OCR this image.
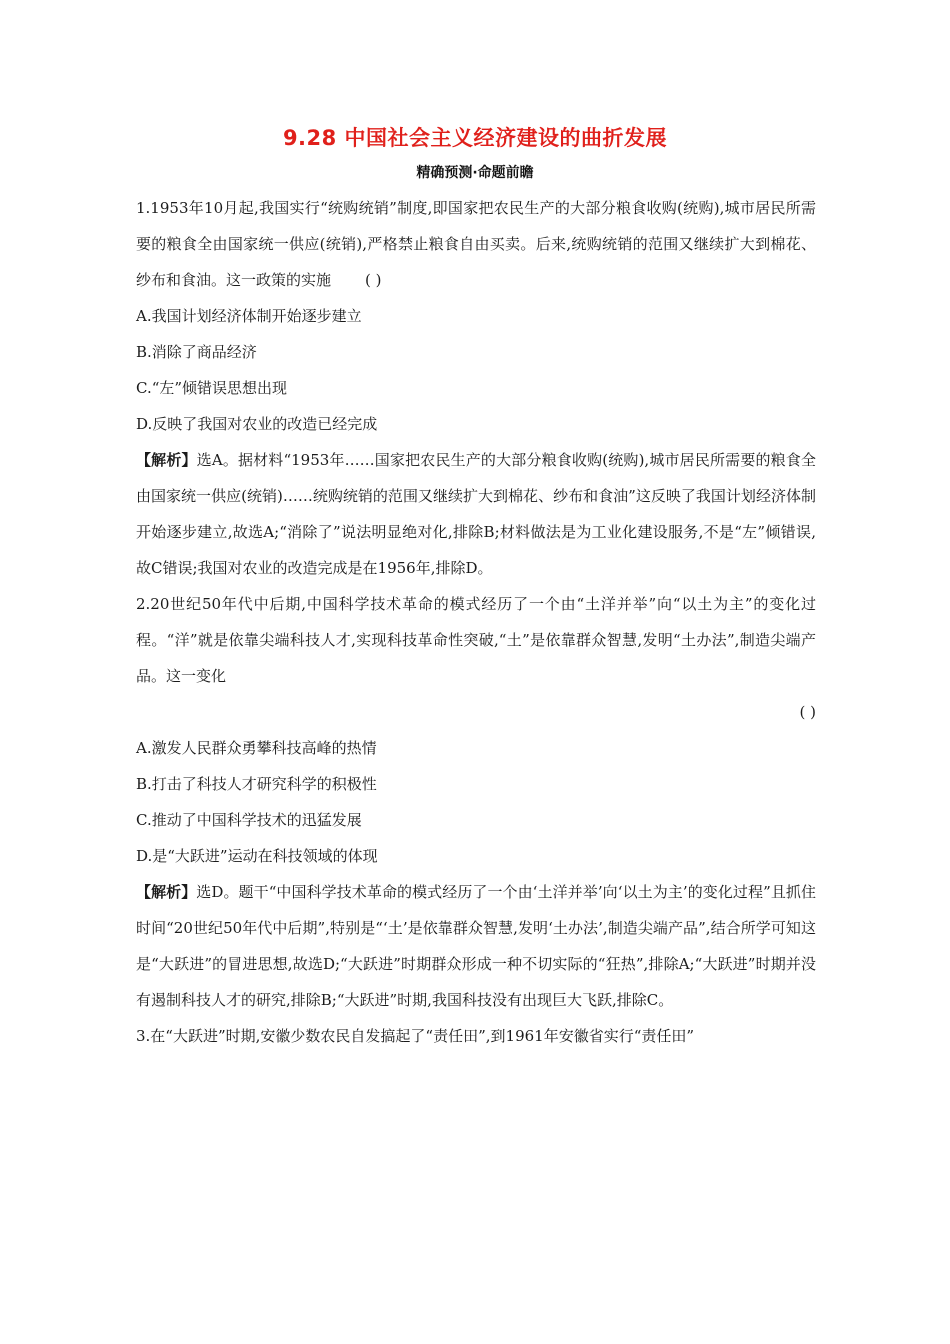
9.28 中国社会主义经济建设的曲折发展
精确预测·命题前瞻

1.1953年10月起,我国实行“统购统销”制度,即国家把农民生产的大部分粮食收购(统购),城市居民所需要的粮食全由国家统一供应(统销),严格禁止粮食自由买卖。后来,统购统销的范围又继续扩大到棉花、纱布和食油。这一政策的实施 ( )

A.我国计划经济体制开始逐步建立

B.消除了商品经济

C.“左”倾错误思想出现

D.反映了我国对农业的改造已经完成

【解析】选A。据材料“1953年……国家把农民生产的大部分粮食收购(统购),城市居民所需要的粮食全由国家统一供应(统销)……统购统销的范围又继续扩大到棉花、纱布和食油”这反映了我国计划经济体制开始逐步建立,故选A;“消除了”说法明显绝对化,排除B;材料做法是为工业化建设服务,不是“左”倾错误,故C错误;我国对农业的改造完成是在1956年,排除D。

2.20世纪50年代中后期,中国科学技术革命的模式经历了一个由“土洋并举”向“以土为主”的变化过程。“洋”就是依靠尖端科技人才,实现科技革命性突破,“土”是依靠群众智慧,发明“土办法”,制造尖端产品。这一变化

( )

A.激发人民群众勇攀科技高峰的热情

B.打击了科技人才研究科学的积极性

C.推动了中国科学技术的迅猛发展

D.是“大跃进”运动在科技领域的体现

【解析】选D。题干“中国科学技术革命的模式经历了一个由‘土洋并举’向‘以土为主’的变化过程”且抓住时间“20世纪50年代中后期”,特别是“‘土’是依靠群众智慧,发明‘土办法’,制造尖端产品”,结合所学可知这是“大跃进”的冒进思想,故选D;“大跃进”时期群众形成一种不切实际的“狂热”,排除A;“大跃进”时期并没有遏制科技人才的研究,排除B;“大跃进”时期,我国科技没有出现巨大飞跃,排除C。

3.在“大跃进”时期,安徽少数农民自发搞起了“责任田”,到1961年安徽省实行“责任田”
